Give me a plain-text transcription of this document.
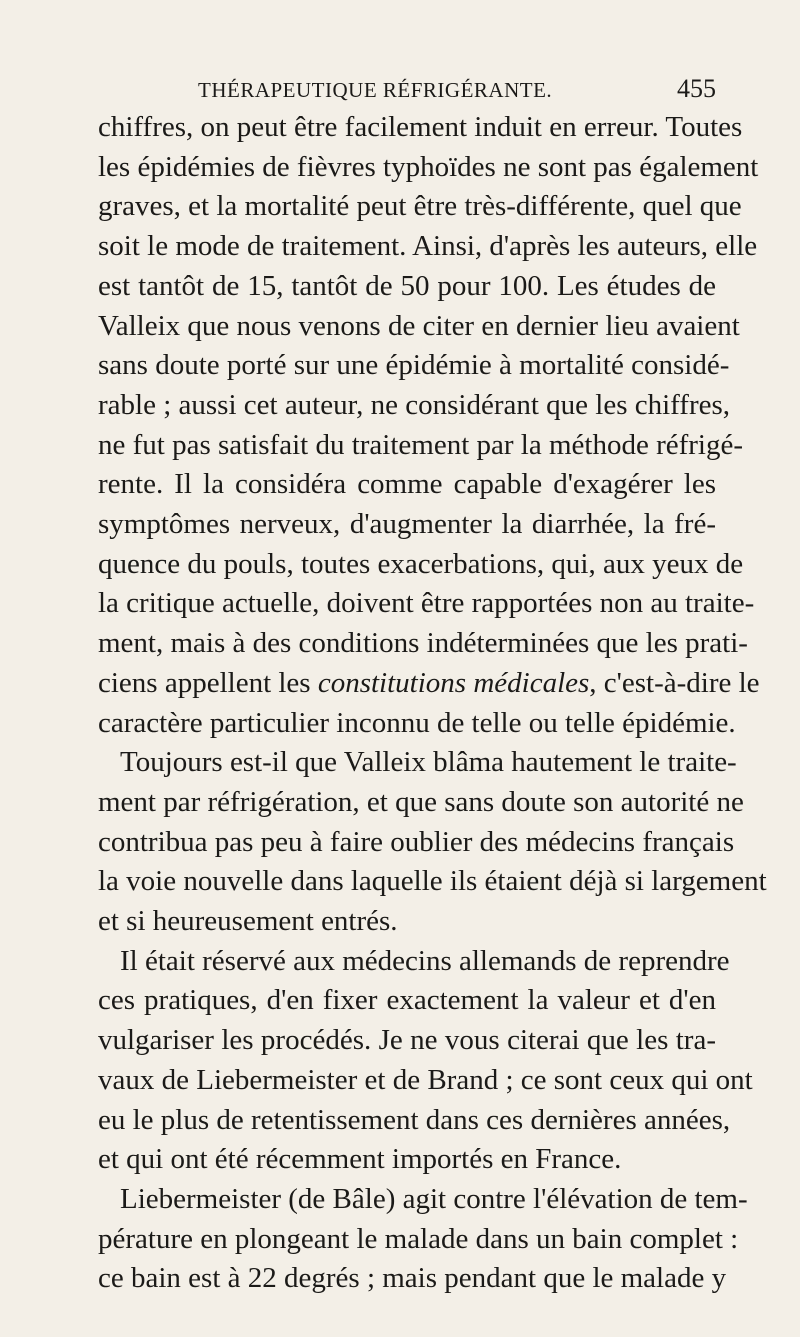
THÉRAPEUTIQUE RÉFRIGÉRANTE.	455
chiffres, on peut être facilement induit en erreur. Toutes
les épidémies de fièvres typhoïdes ne sont pas également
graves, et la mortalité peut être très-différente, quel que
soit le mode de traitement. Ainsi, d'après les auteurs, elle
est tantôt de 15, tantôt de 50 pour 100. Les études de
Valleix que nous venons de citer en dernier lieu avaient
sans doute porté sur une épidémie à mortalité considé-
rable ; aussi cet auteur, ne considérant que les chiffres,
ne fut pas satisfait du traitement par la méthode réfrigé-
rente. Il la considéra comme capable d'exagérer les
symptômes nerveux, d'augmenter la diarrhée, la fré-
quence du pouls, toutes exacerbations, qui, aux yeux de
la critique actuelle, doivent être rapportées non au traite-
ment, mais à des conditions indéterminées que les prati-
ciens appellent les constitutions médicales, c'est-à-dire le
caractère particulier inconnu de telle ou telle épidémie.
Toujours est-il que Valleix blâma hautement le traite-
ment par réfrigération, et que sans doute son autorité ne
contribua pas peu à faire oublier des médecins français
la voie nouvelle dans laquelle ils étaient déjà si largement
et si heureusement entrés.
Il était réservé aux médecins allemands de reprendre
ces pratiques, d'en fixer exactement la valeur et d'en
vulgariser les procédés. Je ne vous citerai que les tra-
vaux de Liebermeister et de Brand ; ce sont ceux qui ont
eu le plus de retentissement dans ces dernières années,
et qui ont été récemment importés en France.
Liebermeister (de Bâle) agit contre l'élévation de tem-
pérature en plongeant le malade dans un bain complet :
ce bain est à 22 degrés ; mais pendant que le malade y
